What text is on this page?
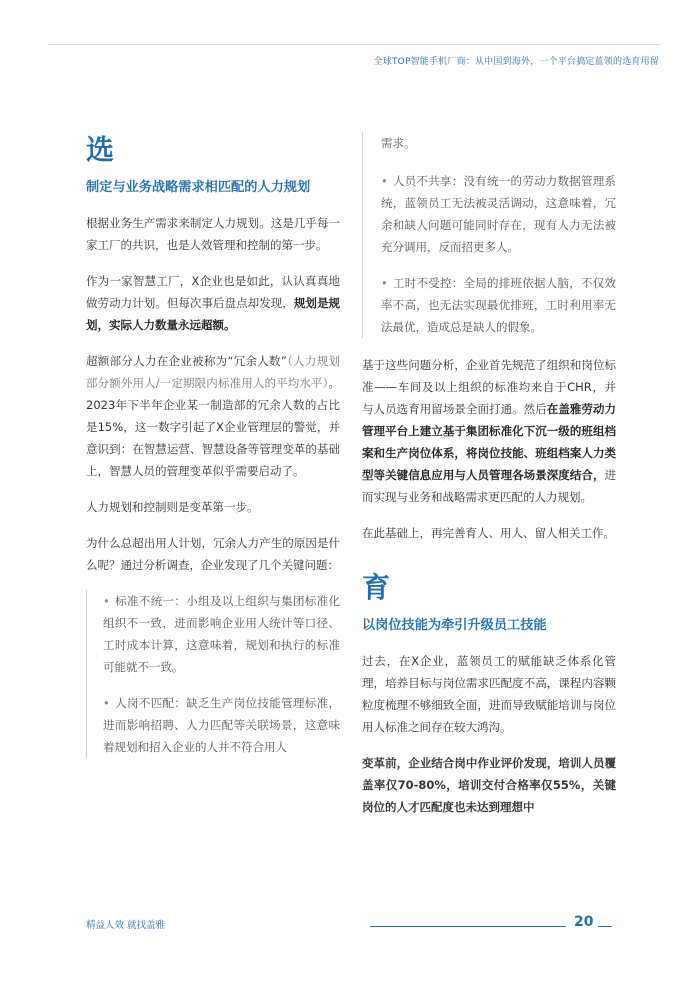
全球TOP智能手机厂商：从中国到海外，一个平台搞定蓝领的选育用留
选
制定与业务战略需求相匹配的人力规划

根据业务生产需求来制定人力规划。这是几乎每一家工厂的共识，也是人效管理和控制的第一步。

作为一家智慧工厂，X企业也是如此，认认真真地做劳动力计划。但每次事后盘点却发现，规划是规划，实际人力数量永远超额。

超额部分人力在企业被称为“冗余人数”（人力规划部分额外用人/一定期限内标准用人的平均水平）。2023年下半年企业某一制造部的冗余人数的占比是15%，这一数字引起了X企业管理层的警觉，并意识到：在智慧运营、智慧设备等管理变革的基础上，智慧人员的管理变革似乎需要启动了。

人力规划和控制则是变革第一步。

为什么总超出用人计划，冗余人力产生的原因是什么呢？通过分析调查，企业发现了几个关键问题：

• 标准不统一：小组及以上组织与集团标准化组织不一致，进而影响企业用人统计等口径、工时成本计算，这意味着，规划和执行的标准可能就不一致。
• 人岗不匹配：缺乏生产岗位技能管理标准，进而影响招聘、人力匹配等关联场景，这意味着规划和招入企业的人并不符合用人
需求。
• 人员不共享：没有统一的劳动力数据管理系统，蓝领员工无法被灵活调动，这意味着，冗余和缺人问题可能同时存在，现有人力无法被充分调用，反而招更多人。
• 工时不受控：全局的排班依据人脑，不仅效率不高，也无法实现最优排班，工时利用率无法最优，造成总是缺人的假象。

基于这些问题分析，企业首先规范了组织和岗位标准——车间及以上组织的标准均来自于CHR，并与人员选育用留场景全面打通。然后在盖雅劳动力管理平台上建立基于集团标准化下沉一级的班组档案和生产岗位体系，将岗位技能、班组档案人力类型等关键信息应用与人员管理各场景深度结合，进而实现与业务和战略需求更匹配的人力规划。

在此基础上，再完善育人、用人、留人相关工作。

育
以岗位技能为牵引升级员工技能

过去，在X企业，蓝领员工的赋能缺乏体系化管理，培养目标与岗位需求匹配度不高，课程内容颗粒度梳理不够细致全面，进而导致赋能培训与岗位用人标准之间存在较大鸿沟。

变革前，企业结合岗中作业评价发现，培训人员覆盖率仅70-80%，培训交付合格率仅55%，关键岗位的人才匹配度也未达到理想中

精益人效 就找盖雅	20
